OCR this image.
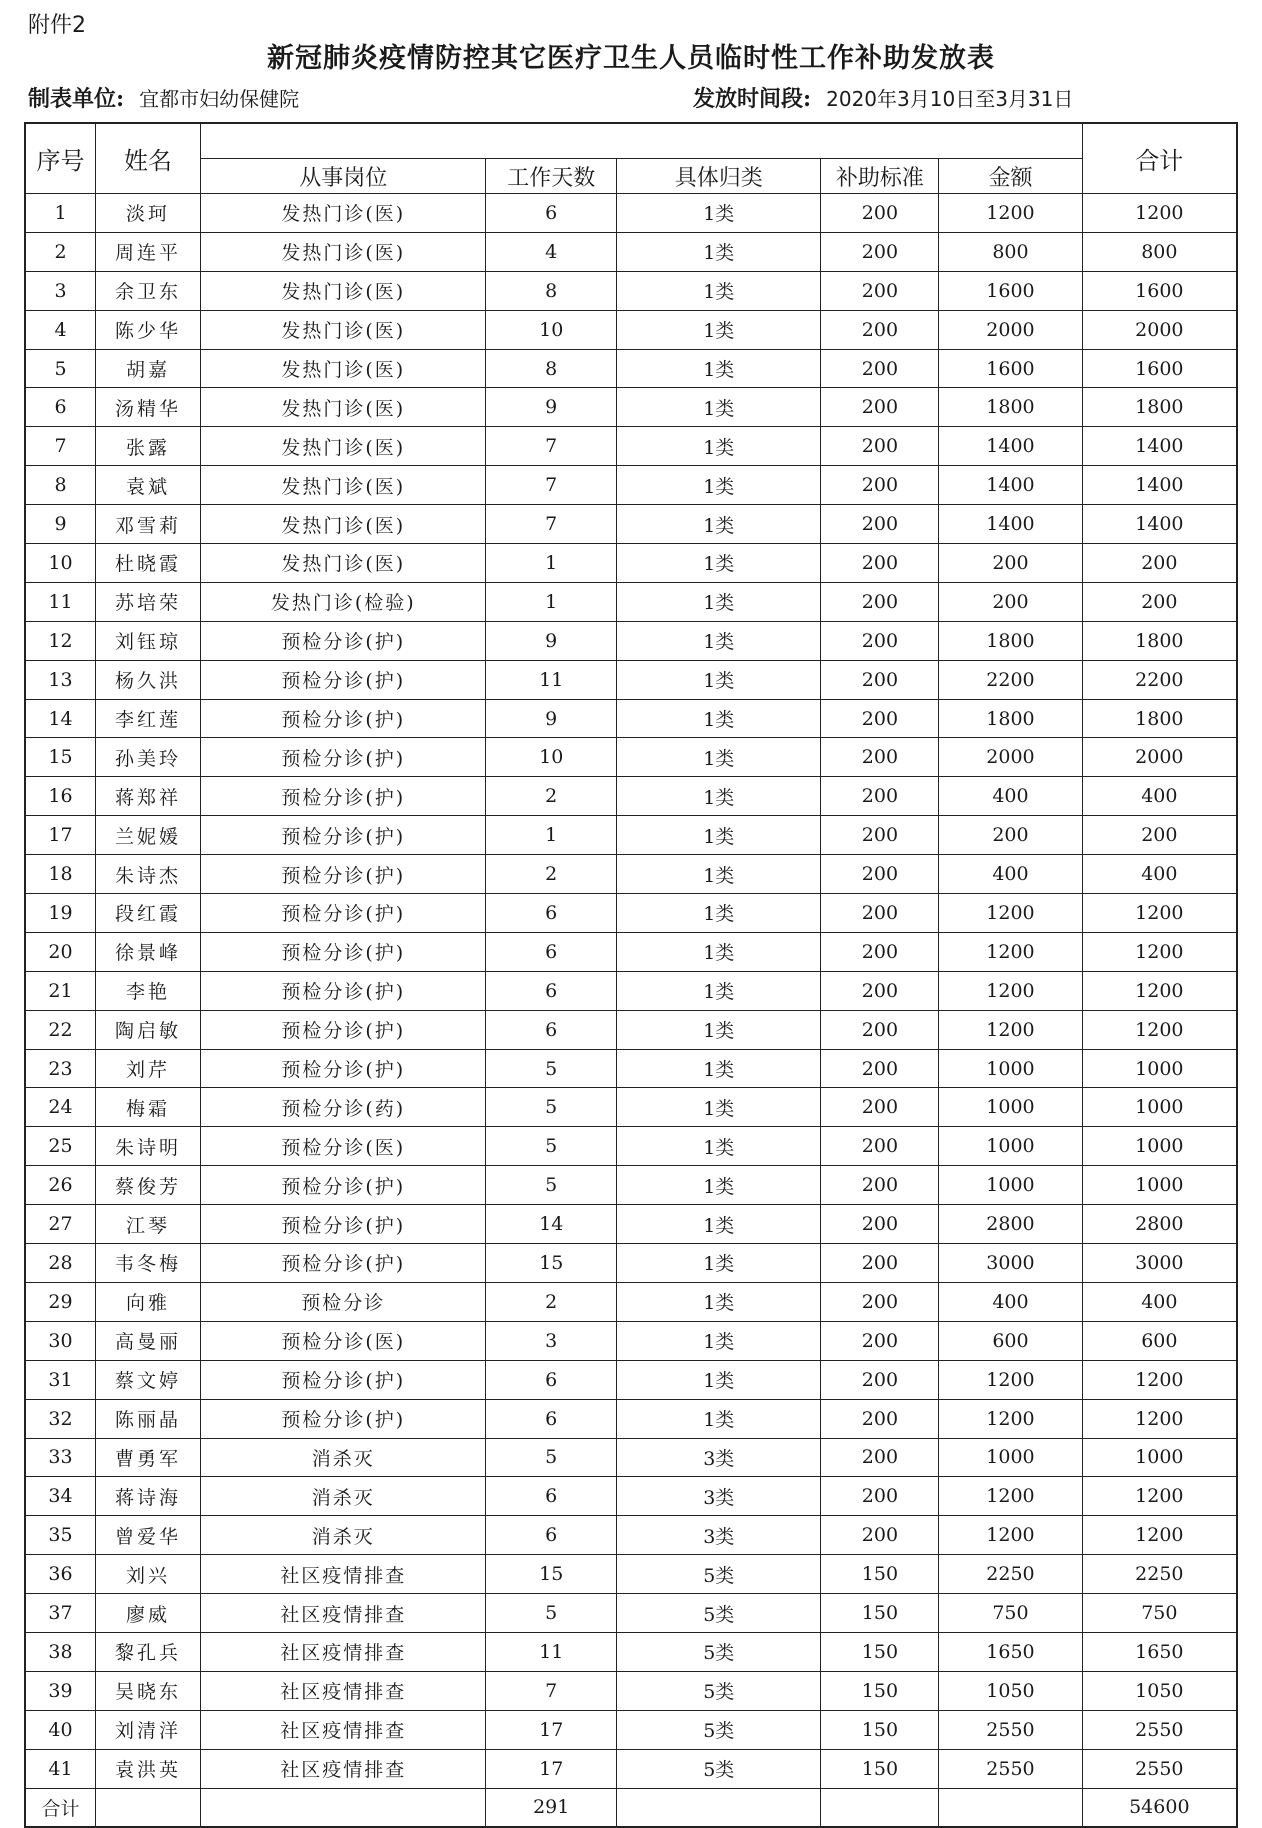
附件2
新冠肺炎疫情防控其它医疗卫生人员临时性工作补助发放表
制表单位: 宜都市妇幼保健院	发放时间段: 2020年3月10日至3月31日
序号	姓名						合计
		从事岗位	工作天数	具体归类	补助标准	金额	
1	淡珂	发热门诊(医)	6	1类	200	1200	1200
2	周连平	发热门诊(医)	4	1类	200	800	800
3	余卫东	发热门诊(医)	8	1类	200	1600	1600
4	陈少华	发热门诊(医)	10	1类	200	2000	2000
5	胡嘉	发热门诊(医)	8	1类	200	1600	1600
6	汤精华	发热门诊(医)	9	1类	200	1800	1800
7	张露	发热门诊(医)	7	1类	200	1400	1400
8	袁斌	发热门诊(医)	7	1类	200	1400	1400
9	邓雪莉	发热门诊(医)	7	1类	200	1400	1400
10	杜晓霞	发热门诊(医)	1	1类	200	200	200
11	苏培荣	发热门诊(检验)	1	1类	200	200	200
12	刘钰琼	预检分诊(护)	9	1类	200	1800	1800
13	杨久洪	预检分诊(护)	11	1类	200	2200	2200
14	李红莲	预检分诊(护)	9	1类	200	1800	1800
15	孙美玲	预检分诊(护)	10	1类	200	2000	2000
16	蒋郑祥	预检分诊(护)	2	1类	200	400	400
17	兰妮媛	预检分诊(护)	1	1类	200	200	200
18	朱诗杰	预检分诊(护)	2	1类	200	400	400
19	段红霞	预检分诊(护)	6	1类	200	1200	1200
20	徐景峰	预检分诊(护)	6	1类	200	1200	1200
21	李艳	预检分诊(护)	6	1类	200	1200	1200
22	陶启敏	预检分诊(护)	6	1类	200	1200	1200
23	刘芹	预检分诊(护)	5	1类	200	1000	1000
24	梅霜	预检分诊(药)	5	1类	200	1000	1000
25	朱诗明	预检分诊(医)	5	1类	200	1000	1000
26	蔡俊芳	预检分诊(护)	5	1类	200	1000	1000
27	江琴	预检分诊(护)	14	1类	200	2800	2800
28	韦冬梅	预检分诊(护)	15	1类	200	3000	3000
29	向雅	预检分诊	2	1类	200	400	400
30	高曼丽	预检分诊(医)	3	1类	200	600	600
31	蔡文婷	预检分诊(护)	6	1类	200	1200	1200
32	陈丽晶	预检分诊(护)	6	1类	200	1200	1200
33	曹勇军	消杀灭	5	3类	200	1000	1000
34	蒋诗海	消杀灭	6	3类	200	1200	1200
35	曾爱华	消杀灭	6	3类	200	1200	1200
36	刘兴	社区疫情排查	15	5类	150	2250	2250
37	廖威	社区疫情排查	5	5类	150	750	750
38	黎孔兵	社区疫情排查	11	5类	150	1650	1650
39	吴晓东	社区疫情排查	7	5类	150	1050	1050
40	刘清洋	社区疫情排查	17	5类	150	2550	2550
41	袁洪英	社区疫情排查	17	5类	150	2550	2550
合计			291				54600
